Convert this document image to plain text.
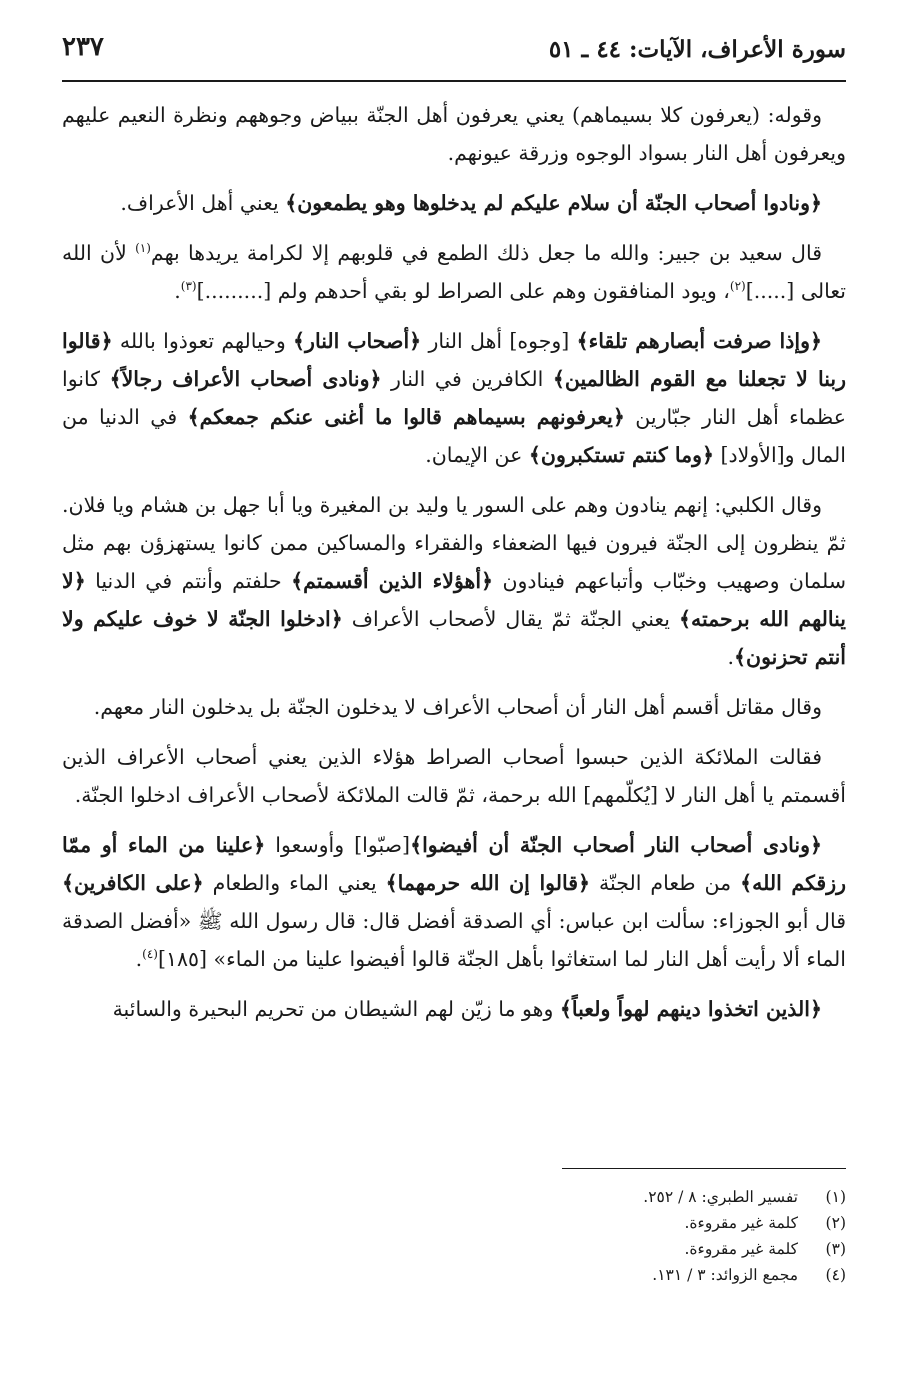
سورة الأعراف، الآيات: ٤٤ ـ ٥١
٢٣٧

وقوله: (يعرفون كلا بسيماهم) يعني يعرفون أهل الجنّة ببياض وجوههم ونظرة النعيم عليهم ويعرفون أهل النار بسواد الوجوه وزرقة عيونهم.

﴿ونادوا أصحاب الجنّة أن سلام عليكم لم يدخلوها وهو يطمعون﴾ يعني أهل الأعراف.

قال سعيد بن جبير: والله ما جعل ذلك الطمع في قلوبهم إلا لكرامة يريدها بهم$^{(١)}$ لأن الله تعالى [.....]$^{(٢)}$، ويود المنافقون وهم على الصراط لو بقي أحدهم ولم [.........]$^{(٣)}$.

﴿وإذا صرفت أبصارهم تلقاء﴾ [وجوه] أهل النار ﴿أصحاب النار﴾ وحيالهم تعوذوا بالله ﴿قالوا ربنا لا تجعلنا مع القوم الظالمين﴾ الكافرين في النار ﴿ونادى أصحاب الأعراف رجالاً﴾ كانوا عظماء أهل النار جبّارين ﴿يعرفونهم بسيماهم قالوا ما أغنى عنكم جمعكم﴾ في الدنيا من المال و[الأولاد] ﴿وما كنتم تستكبرون﴾ عن الإيمان.

وقال الكلبي: إنهم ينادون وهم على السور يا وليد بن المغيرة ويا أبا جهل بن هشام ويا فلان. ثمّ ينظرون إلى الجنّة فيرون فيها الضعفاء والفقراء والمساكين ممن كانوا يستهزؤن بهم مثل سلمان وصهيب وخبّاب وأتباعهم فينادون ﴿أهؤلاء الذين أقسمتم﴾ حلفتم وأنتم في الدنيا ﴿لا ينالهم الله برحمته﴾ يعني الجنّة ثمّ يقال لأصحاب الأعراف ﴿ادخلوا الجنّة لا خوف عليكم ولا أنتم تحزنون﴾.

وقال مقاتل أقسم أهل النار أن أصحاب الأعراف لا يدخلون الجنّة بل يدخلون النار معهم.

فقالت الملائكة الذين حبسوا أصحاب الصراط هؤلاء الذين يعني أصحاب الأعراف الذين أقسمتم يا أهل النار لا [يُكلّمهم] الله برحمة، ثمّ قالت الملائكة لأصحاب الأعراف ادخلوا الجنّة.

﴿ونادى أصحاب النار أصحاب الجنّة أن أفيضوا﴾[صبّوا] وأوسعوا ﴿علينا من الماء أو ممّا رزقكم الله﴾ من طعام الجنّة ﴿قالوا إن الله حرمهما﴾ يعني الماء والطعام ﴿على الكافرين﴾ قال أبو الجوزاء: سألت ابن عباس: أي الصدقة أفضل قال: قال رسول الله ﷺ «أفضل الصدقة الماء ألا رأيت أهل النار لما استغاثوا بأهل الجنّة قالوا أفيضوا علينا من الماء» [١٨٥]$^{(٤)}$.

﴿الذين اتخذوا دينهم لهواً ولعباً﴾ وهو ما زيّن لهم الشيطان من تحريم البحيرة والسائبة

(١)
تفسير الطبري: ٨ / ٢٥٢.
(٢)
كلمة غير مقروءة.
(٣)
كلمة غير مقروءة.
(٤)
مجمع الزوائد: ٣ / ١٣١.
